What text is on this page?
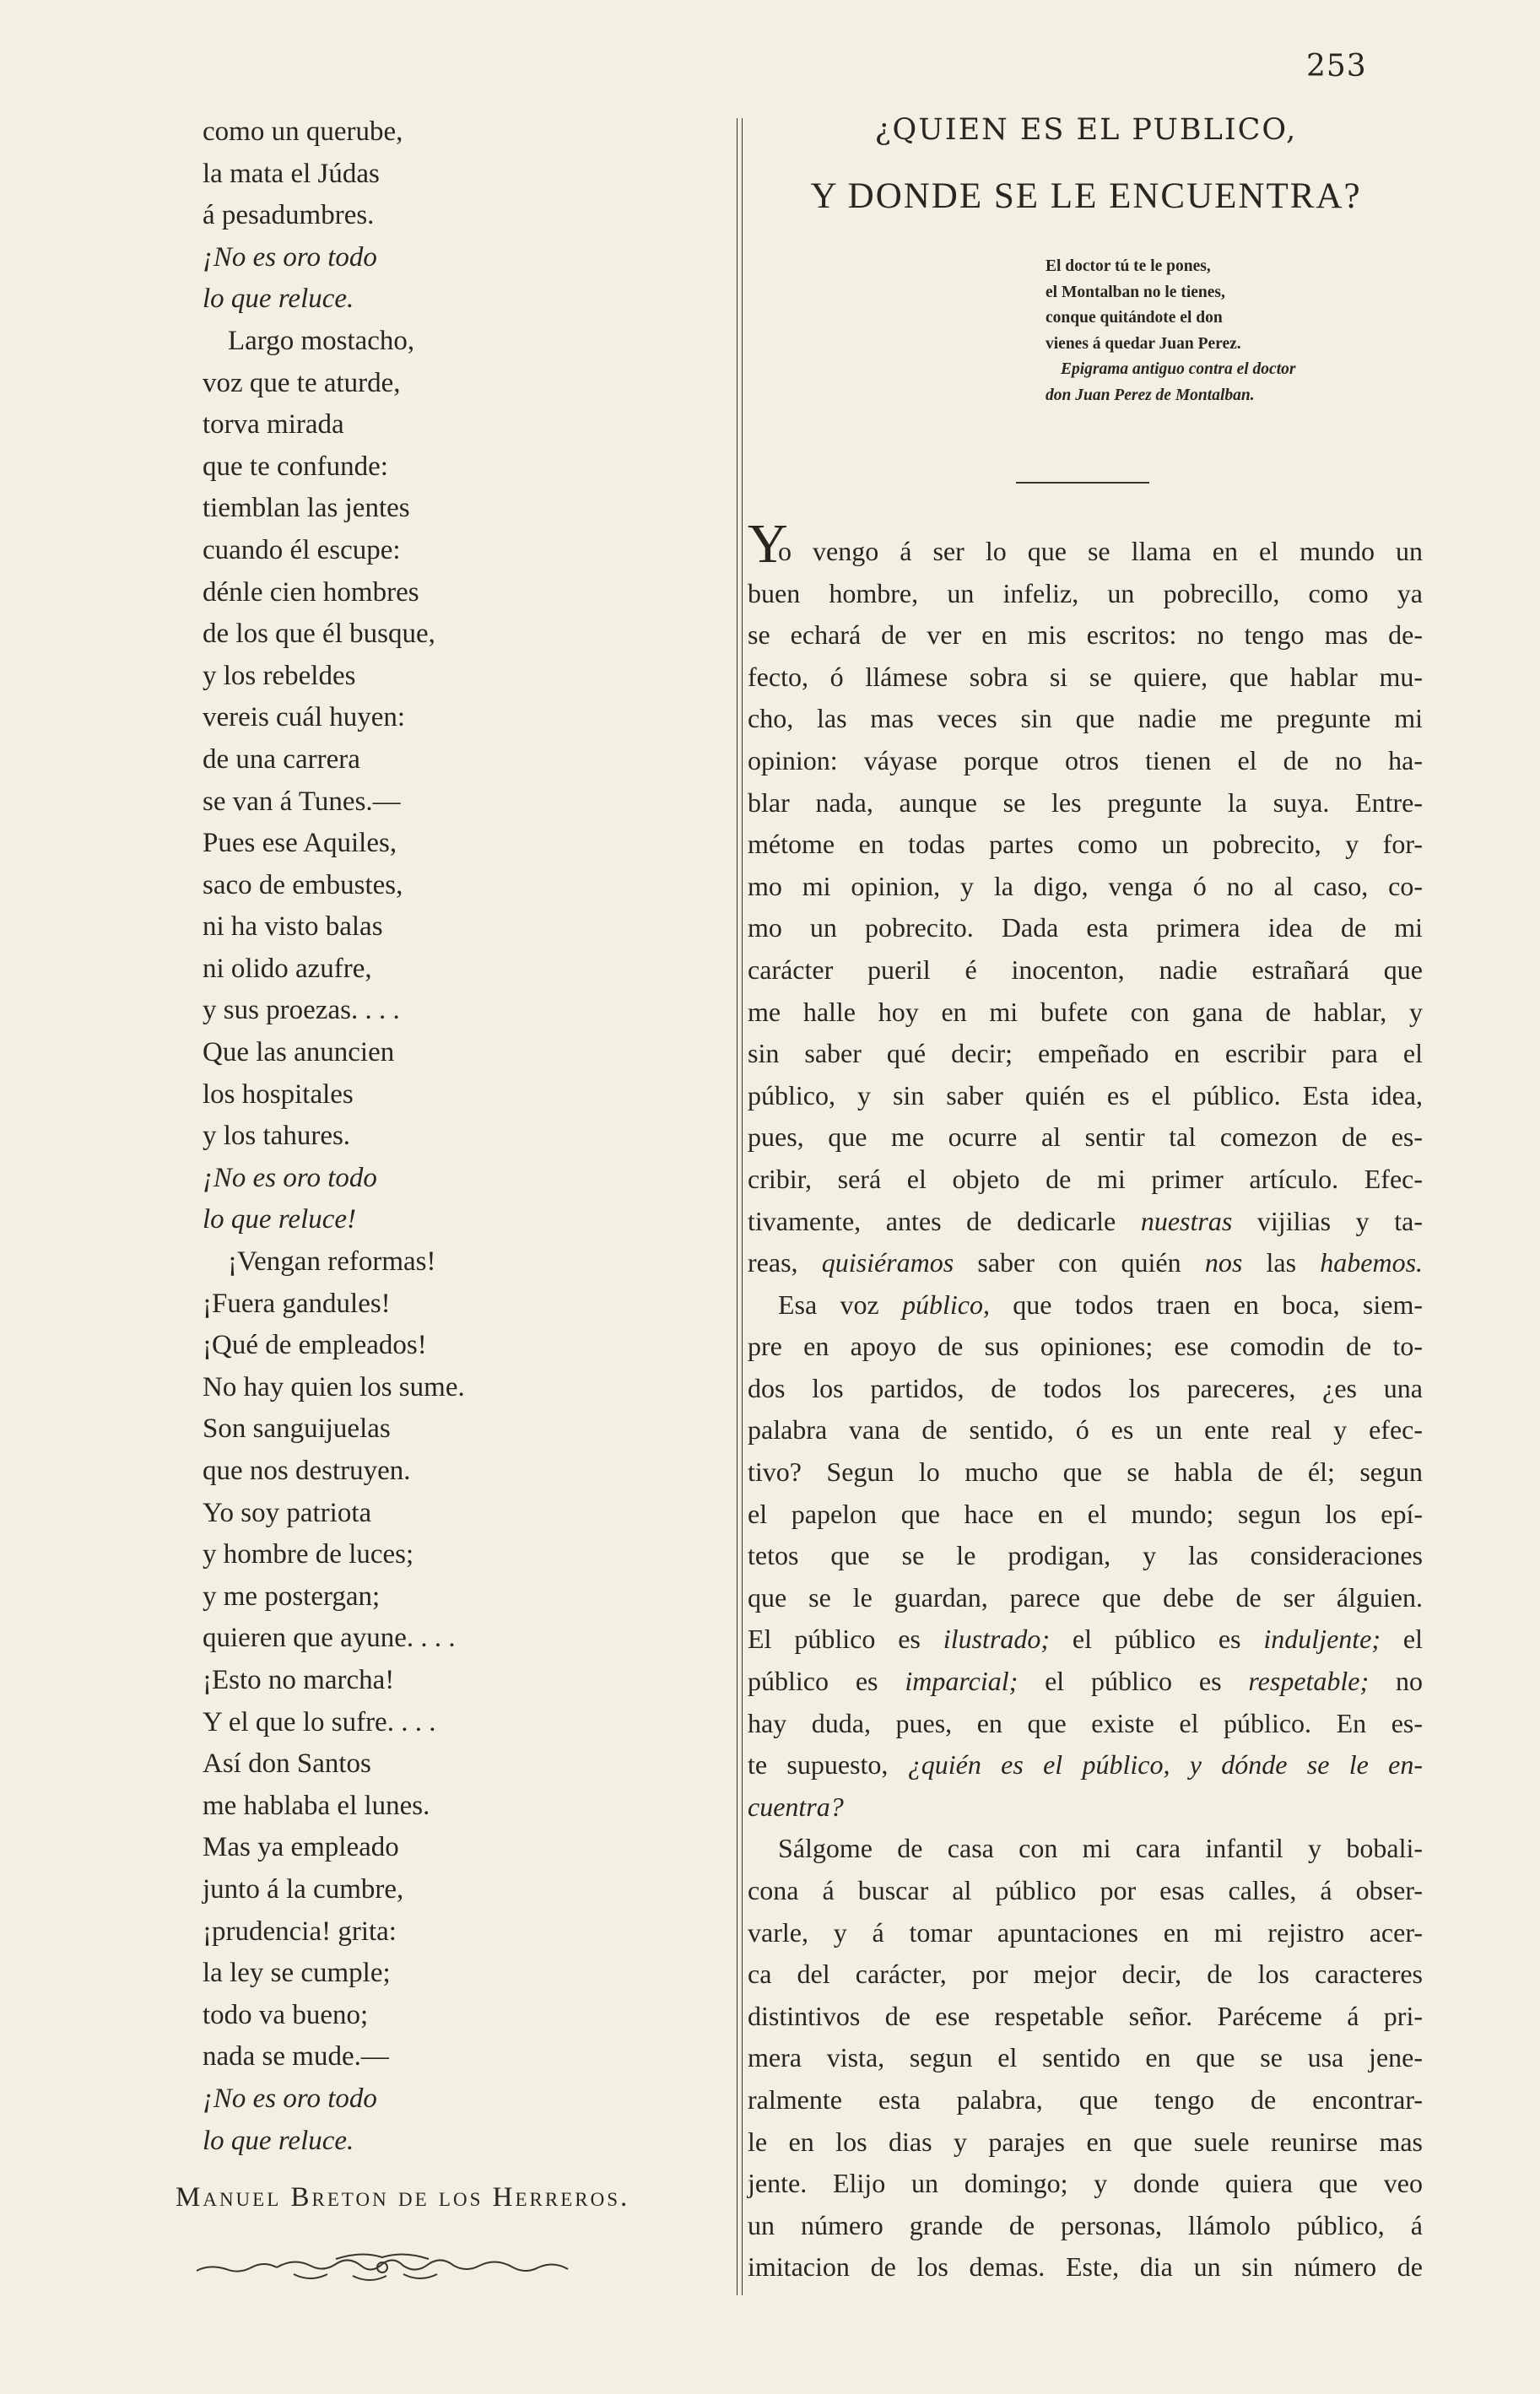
253
como un querube,
la mata el Júdas
á pesadumbres.
¡No es oro todo
lo que reluce.
Largo mostacho,
voz que te aturde,
torva mirada
que te confunde:
tiemblan las jentes
cuando él escupe:
dénle cien hombres
de los que él busque,
y los rebeldes
vereis cuál huyen:
de una carrera
se van á Tunes.—
Pues ese Aquiles,
saco de embustes,
ni ha visto balas
ni olido azufre,
y sus proezas. . . .
Que las anuncien
los hospitales
y los tahures.
¡No es oro todo
lo que reluce!
¡Vengan reformas!
¡Fuera gandules!
¡Qué de empleados!
No hay quien los sume.
Son sanguijuelas
que nos destruyen.
Yo soy patriota
y hombre de luces;
y me postergan;
quieren que ayune. . . .
¡Esto no marcha!
Y el que lo sufre. . . .
Así don Santos
me hablaba el lunes.
Mas ya empleado
junto á la cumbre,
¡prudencia! grita:
la ley se cumple;
todo va bueno;
nada se mude.—
¡No es oro todo
lo que reluce.
Manuel Breton de los Herreros.
¿QUIEN ES EL PUBLICO,
Y DONDE SE LE ENCUENTRA?
El doctor tú te le pones,
el Montalban no le tienes,
conque quitándote el don
vienes á quedar Juan Perez.
Epigrama antiguo contra el doctor
don Juan Perez de Montalban.
Y
o vengo á ser lo que se llama en el mundo un
buen hombre, un infeliz, un pobrecillo, como ya
se echará de ver en mis escritos: no tengo mas de-
fecto, ó llámese sobra si se quiere, que hablar mu-
cho, las mas veces sin que nadie me pregunte mi
opinion: váyase porque otros tienen el de no ha-
blar nada, aunque se les pregunte la suya. Entre-
métome en todas partes como un pobrecito, y for-
mo mi opinion, y la digo, venga ó no al caso, co-
mo un pobrecito. Dada esta primera idea de mi
carácter pueril é inocenton, nadie estrañará que
me halle hoy en mi bufete con gana de hablar, y
sin saber qué decir; empeñado en escribir para el
público, y sin saber quién es el público. Esta idea,
pues, que me ocurre al sentir tal comezon de es-
cribir, será el objeto de mi primer artículo. Efec-
tivamente, antes de dedicarle nuestras vijilias y ta-
reas, quisiéramos saber con quién nos las habemos.
Esa voz público, que todos traen en boca, siem-
pre en apoyo de sus opiniones; ese comodin de to-
dos los partidos, de todos los pareceres, ¿es una
palabra vana de sentido, ó es un ente real y efec-
tivo? Segun lo mucho que se habla de él; segun
el papelon que hace en el mundo; segun los epí-
tetos que se le prodigan, y las consideraciones
que se le guardan, parece que debe de ser álguien.
El público es ilustrado; el público es induljente; el
público es imparcial; el público es respetable; no
hay duda, pues, en que existe el público. En es-
te supuesto, ¿quién es el público, y dónde se le en-
cuentra?
Sálgome de casa con mi cara infantil y bobali-
cona á buscar al público por esas calles, á obser-
varle, y á tomar apuntaciones en mi rejistro acer-
ca del carácter, por mejor decir, de los caracteres
distintivos de ese respetable señor. Paréceme á pri-
mera vista, segun el sentido en que se usa jene-
ralmente esta palabra, que tengo de encontrar-
le en los dias y parajes en que suele reunirse mas
jente. Elijo un domingo; y donde quiera que veo
un número grande de personas, llámolo público, á
imitacion de los demas. Este, dia un sin número de
